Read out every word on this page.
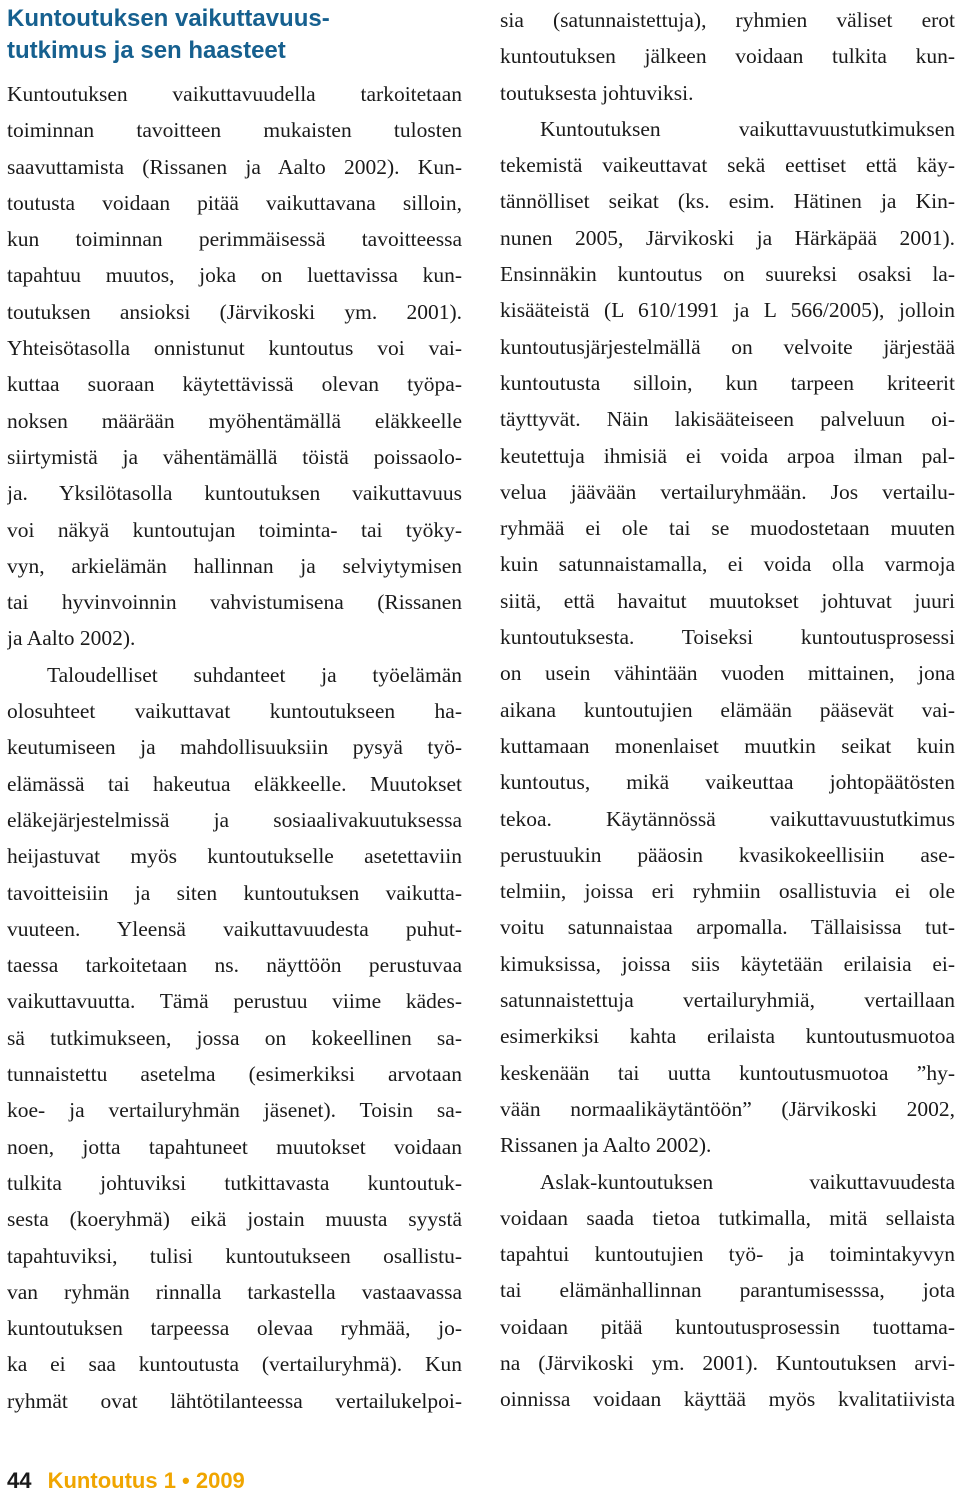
Kuntoutuksen vaikuttavuus-
tutkimus ja sen haasteet
Kuntoutuksen vaikuttavuudella tarkoitetaan
toiminnan tavoitteen mukaisten tulosten
saavuttamista (Rissanen ja Aalto 2002). Kun-
toutusta voidaan pitää vaikuttavana silloin,
kun toiminnan perimmäisessä tavoitteessa
tapahtuu muutos, joka on luettavissa kun-
toutuksen ansioksi (Järvikoski ym. 2001).
Yhteisötasolla onnistunut kuntoutus voi vai-
kuttaa suoraan käytettävissä olevan työpa-
noksen määrään myöhentämällä eläkkeelle
siirtymistä ja vähentämällä töistä poissaolo-
ja. Yksilötasolla kuntoutuksen vaikuttavuus
voi näkyä kuntoutujan toiminta- tai työky-
vyn, arkielämän hallinnan ja selviytymisen
tai hyvinvoinnin vahvistumisena (Rissanen
ja Aalto 2002).
Taloudelliset suhdanteet ja työelämän
olosuhteet vaikuttavat kuntoutukseen ha-
keutumiseen ja mahdollisuuksiin pysyä työ-
elämässä tai hakeutua eläkkeelle. Muutokset
eläkejärjestelmissä ja sosiaalivakuutuksessa
heijastuvat myös kuntoutukselle asetettaviin
tavoitteisiin ja siten kuntoutuksen vaikutta-
vuuteen. Yleensä vaikuttavuudesta puhut-
taessa tarkoitetaan ns. näyttöön perustuvaa
vaikuttavuutta. Tämä perustuu viime kädes-
sä tutkimukseen, jossa on kokeellinen sa-
tunnaistettu asetelma (esimerkiksi arvotaan
koe- ja vertailuryhmän jäsenet). Toisin sa-
noen, jotta tapahtuneet muutokset voidaan
tulkita johtuviksi tutkittavasta kuntoutuk-
sesta (koeryhmä) eikä jostain muusta syystä
tapahtuviksi, tulisi kuntoutukseen osallistu-
van ryhmän rinnalla tarkastella vastaavassa
kuntoutuksen tarpeessa olevaa ryhmää, jo-
ka ei saa kuntoutusta (vertailuryhmä). Kun
ryhmät ovat lähtötilanteessa vertailukelpoi-
sia (satunnaistettuja), ryhmien väliset erot
kuntoutuksen jälkeen voidaan tulkita kun-
toutuksesta johtuviksi.
Kuntoutuksen vaikuttavuustutkimuksen
tekemistä vaikeuttavat sekä eettiset että käy-
tännölliset seikat (ks. esim. Hätinen ja Kin-
nunen 2005, Järvikoski ja Härkäpää 2001).
Ensinnäkin kuntoutus on suureksi osaksi la-
kisääteistä (L 610/1991 ja L 566/2005), jolloin
kuntoutusjärjestelmällä on velvoite järjestää
kuntoutusta silloin, kun tarpeen kriteerit
täyttyvät. Näin lakisääteiseen palveluun oi-
keutettuja ihmisiä ei voida arpoa ilman pal-
velua jäävään vertailuryhmään. Jos vertailu-
ryhmää ei ole tai se muodostetaan muuten
kuin satunnaistamalla, ei voida olla varmoja
siitä, että havaitut muutokset johtuvat juuri
kuntoutuksesta. Toiseksi kuntoutusprosessi
on usein vähintään vuoden mittainen, jona
aikana kuntoutujien elämään pääsevät vai-
kuttamaan monenlaiset muutkin seikat kuin
kuntoutus, mikä vaikeuttaa johtopäätösten
tekoa. Käytännössä vaikuttavuustutkimus
perustuukin pääosin kvasikokeellisiin ase-
telmiin, joissa eri ryhmiin osallistuvia ei ole
voitu satunnaistaa arpomalla. Tällaisissa tut-
kimuksissa, joissa siis käytetään erilaisia ei-
satunnaistettuja vertailuryhmiä, vertaillaan
esimerkiksi kahta erilaista kuntoutusmuotoa
keskenään tai uutta kuntoutusmuotoa ”hy-
vään normaalikäytäntöön” (Järvikoski 2002,
Rissanen ja Aalto 2002).
Aslak-kuntoutuksen vaikuttavuudesta
voidaan saada tietoa tutkimalla, mitä sellaista
tapahtui kuntoutujien työ- ja toimintakyvyn
tai elämänhallinnan parantumisesssa, jota
voidaan pitää kuntoutusprosessin tuottama-
na (Järvikoski ym. 2001). Kuntoutuksen arvi-
oinnissa voidaan käyttää myös kvalitatiivista
44 Kuntoutus 1 • 2009
